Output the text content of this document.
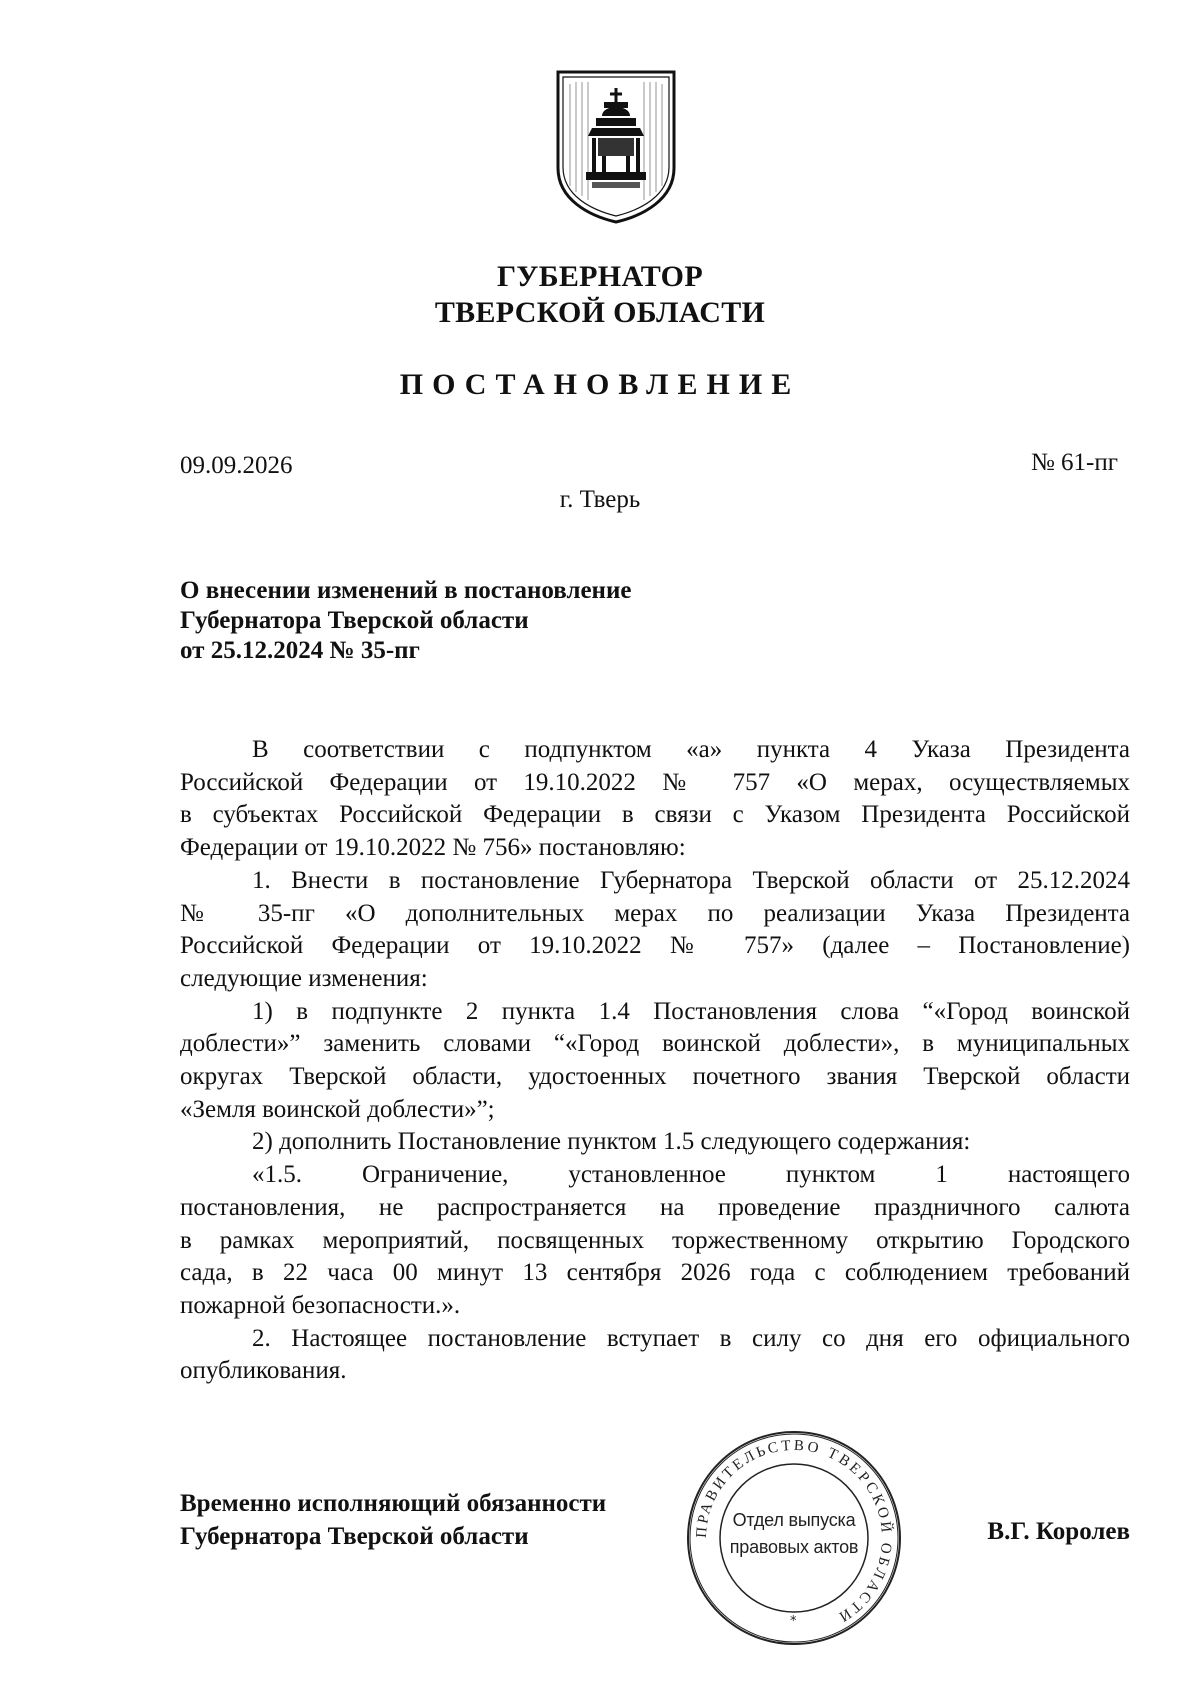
ГУБЕРНАТОР
ТВЕРСКОЙ ОБЛАСТИ
ПОСТАНОВЛЕНИЕ
09.09.2026	№ 61-пг
г. Тверь
О внесении изменений в постановление
Губернатора Тверской области
от 25.12.2024 № 35-пг
В соответствии с подпунктом «а» пункта 4 Указа Президента
Российской Федерации от 19.10.2022 № 757 «О мерах, осуществляемых
в субъектах Российской Федерации в связи с Указом Президента Российской
Федерации от 19.10.2022 № 756» постановляю:
1. Внести в постановление Губернатора Тверской области от 25.12.2024
№ 35-пг «О дополнительных мерах по реализации Указа Президента
Российской Федерации от 19.10.2022 № 757» (далее – Постановление)
следующие изменения:
1) в подпункте 2 пункта 1.4 Постановления слова “«Город воинской
доблести»” заменить словами “«Город воинской доблести», в муниципальных
округах Тверской области, удостоенных почетного звания Тверской области
«Земля воинской доблести»”;
2) дополнить Постановление пунктом 1.5 следующего содержания:
«1.5. Ограничение, установленное пунктом 1 настоящего
постановления, не распространяется на проведение праздничного салюта
в рамках мероприятий, посвященных торжественному открытию Городского
сада, в 22 часа 00 минут 13 сентября 2026 года с соблюдением требований
пожарной безопасности.».
2. Настоящее постановление вступает в силу со дня его официального
опубликования.
Временно исполняющий обязанности
Губернатора Тверской области	В.Г. Королев
ПРАВИТЕЛЬСТВО ТВЕРСКОЙ ОБЛАСТИ
Отдел выпуска
правовых актов
*
